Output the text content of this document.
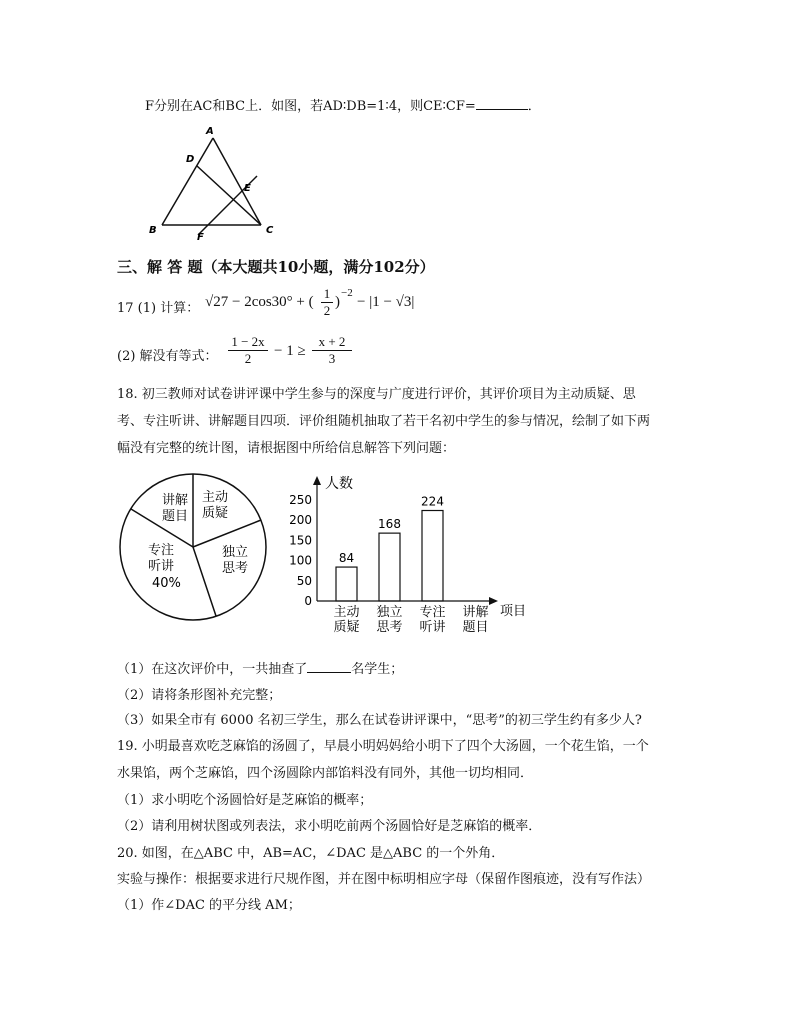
F分别在AC和BC上．如图，若AD∶DB=1∶4，则CE∶CF=	．
A
D
E
B	C
F
三、解 答 题（本大题共10小题，满分102分）
17 (1) 计算： √27 − 2cos30° + ( $\frac{1}{2}$ )
−2
− |1 − √3|
(2) 解没有等式： $\frac{1 - 2x}{2} - 1 \ge \frac{x + 2}{3}$
18. 初三教师对试卷讲评课中学生参与的深度与广度进行评价，其评价项目为主动质疑、思
考、专注听讲、讲解题目四项．评价组随机抽取了若干名初中学生的参与情况，绘制了如下两
幅没有完整的统计图，请根据图中所给信息解答下列问题：
讲解
题目
主动
质疑
独立
思考
专注
听讲
40%
人数
项目
0
50
100
150
200
250
84
168
224
主动
质疑
独立
思考
专注
听讲
讲解
题目
（1）在这次评价中，一共抽查了	名学生；
（2）请将条形图补充完整；
（3）如果全市有 6000 名初三学生，那么在试卷讲评课中，“思考”的初三学生约有多少人?
19. 小明最喜欢吃芝麻馅的汤圆了，早晨小明妈妈给小明下了四个大汤圆，一个花生馅，一个
水果馅，两个芝麻馅，四个汤圆除内部馅料没有同外，其他一切均相同．
（1）求小明吃个汤圆恰好是芝麻馅的概率；
（2）请利用树状图或列表法，求小明吃前两个汤圆恰好是芝麻馅的概率．
20. 如图，在△ABC 中，AB=AC，∠DAC 是△ABC 的一个外角．
实验与操作：根据要求进行尺规作图，并在图中标明相应字母（保留作图痕迹，没有写作法）
（1）作∠DAC 的平分线 AM；
